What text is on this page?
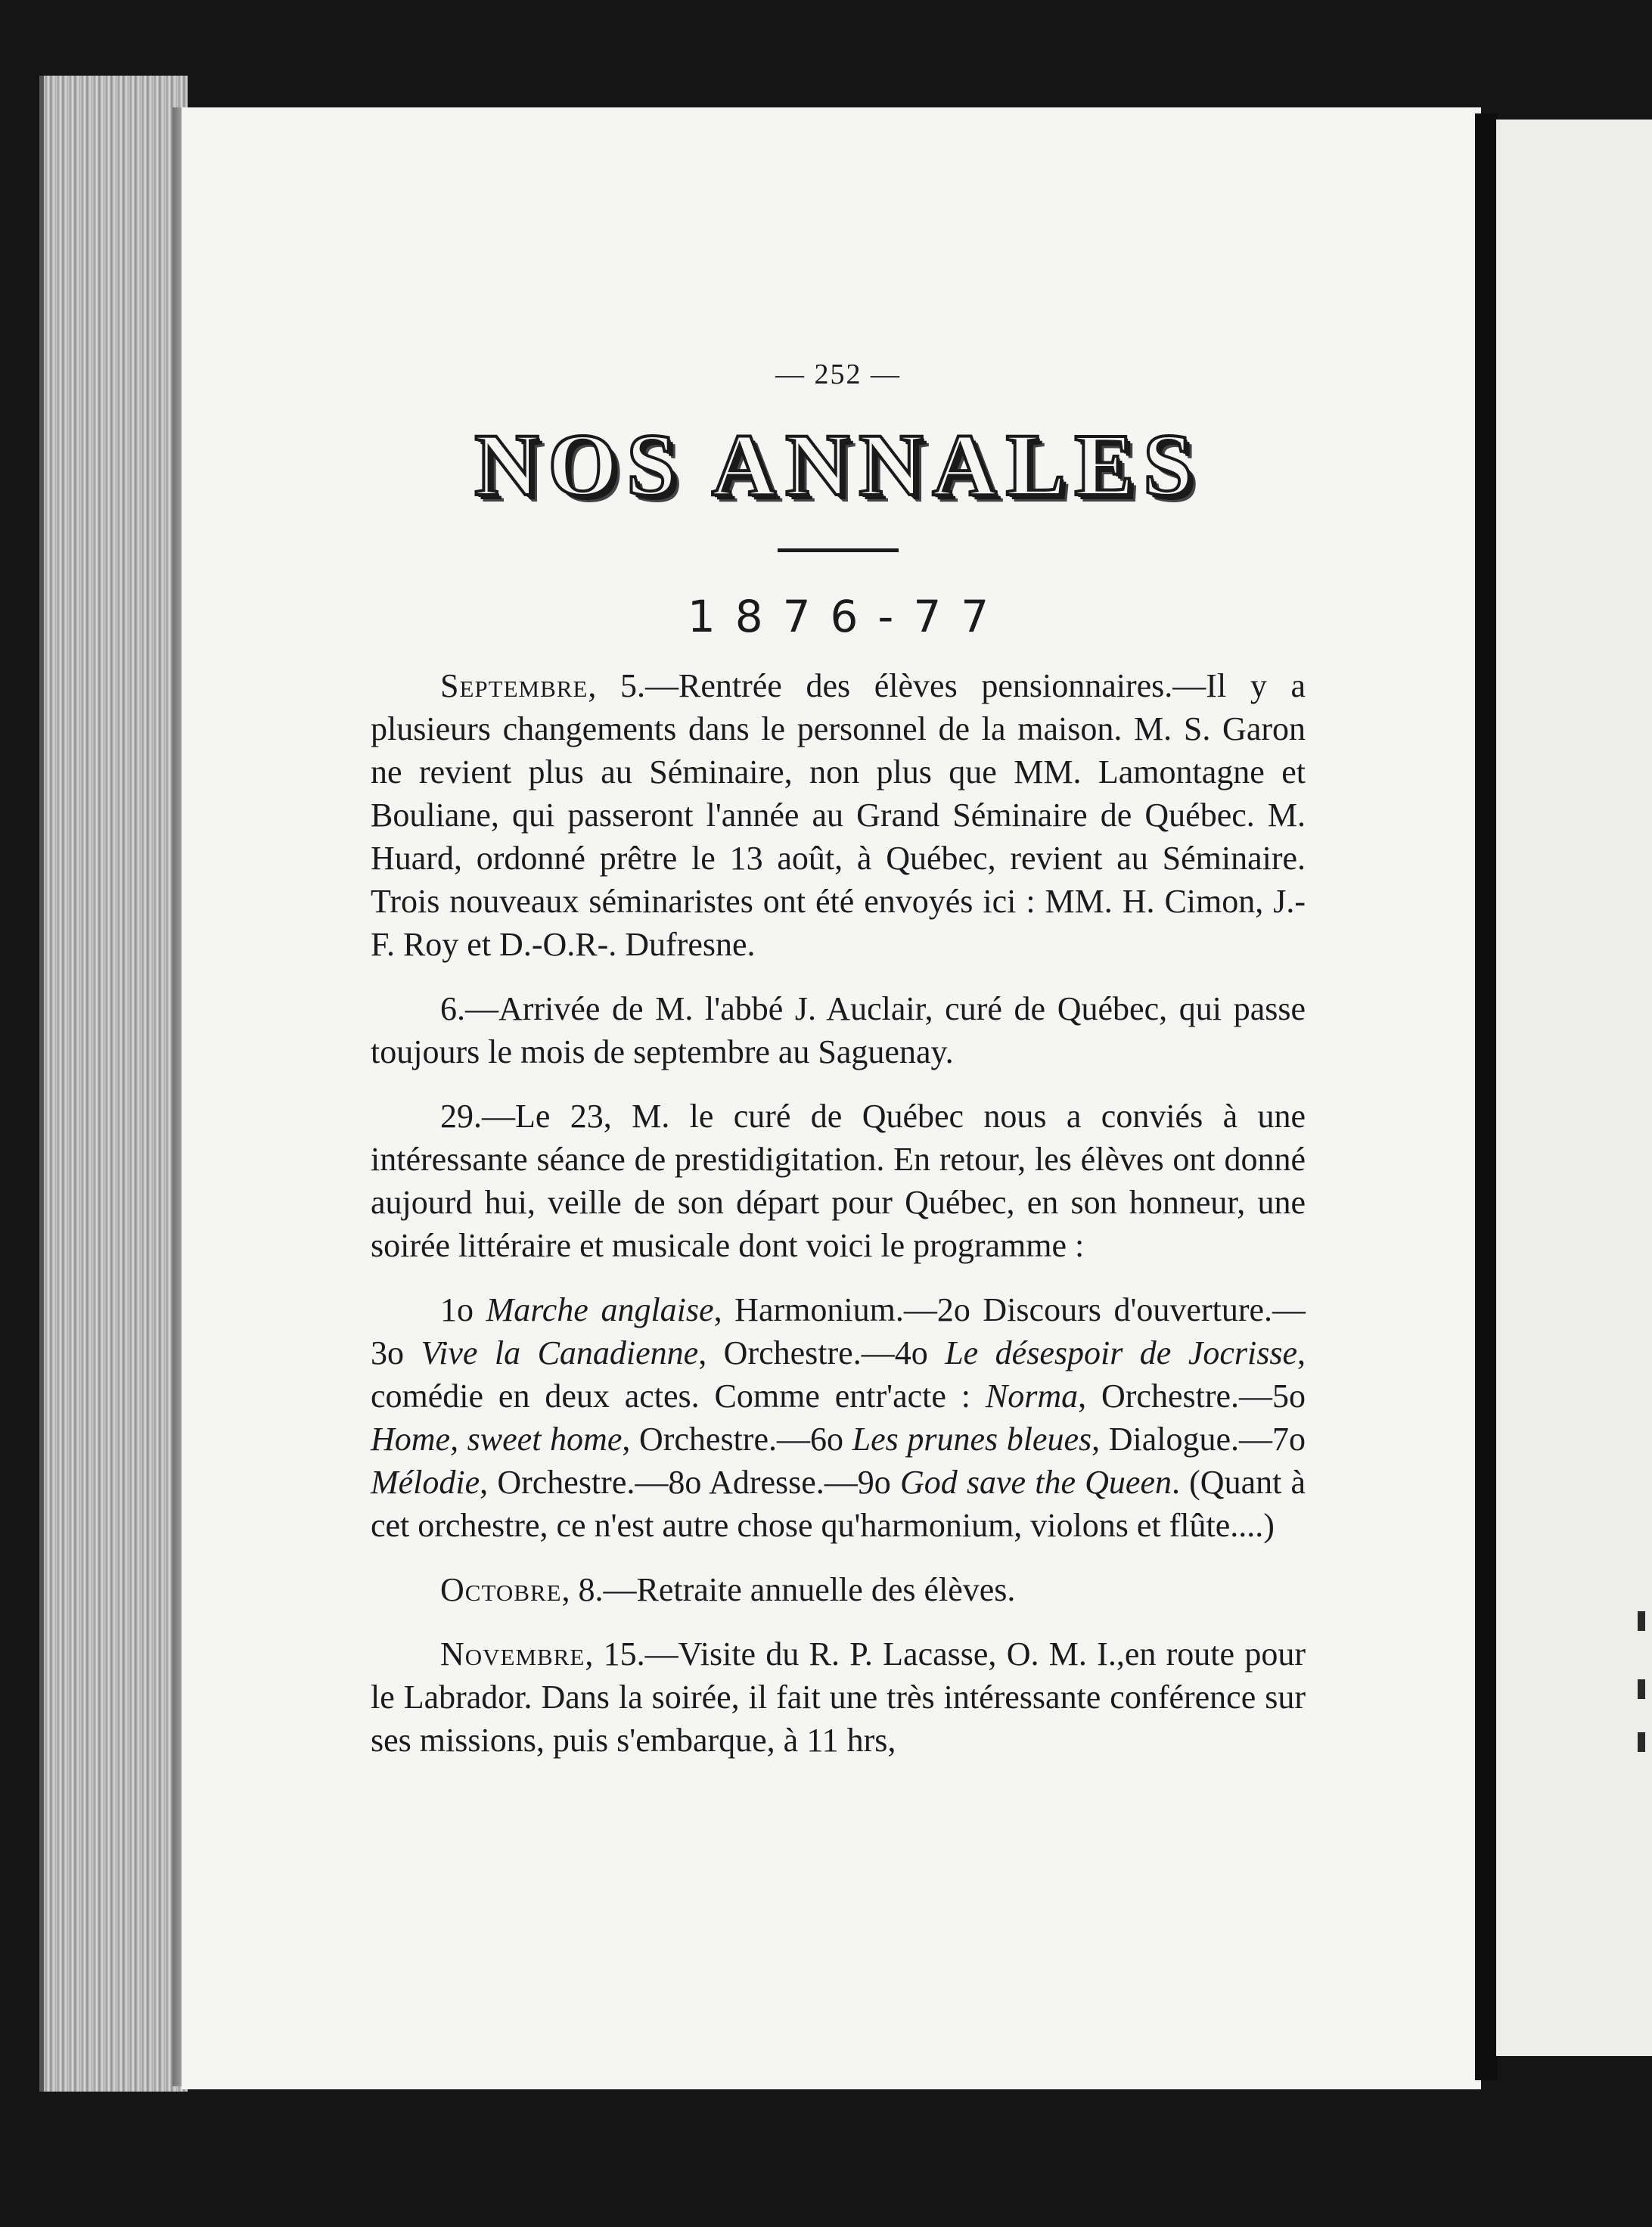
— 252 —
NOS ANNALES
1876-77

Septembre, 5.—Rentrée des élèves pensionnaires.—Il y a plusieurs changements dans le personnel de la maison. M. S. Garon ne revient plus au Séminaire, non plus que MM. Lamontagne et Bouliane, qui passeront l'année au Grand Séminaire de Québec. M. Huard, ordonné prêtre le 13 août, à Québec, revient au Séminaire. Trois nouveaux séminaristes ont été envoyés ici : MM. H. Cimon, J.-F. Roy et D.-O.R-. Dufresne.

6.—Arrivée de M. l'abbé J. Auclair, curé de Québec, qui passe toujours le mois de septembre au Saguenay.

29.—Le 23, M. le curé de Québec nous a conviés à une intéressante séance de prestidigitation. En retour, les élèves ont donné aujourd hui, veille de son départ pour Québec, en son honneur, une soirée littéraire et musicale dont voici le programme :

1o Marche anglaise, Harmonium.—2o Discours d'ouverture.—3o Vive la Canadienne, Orchestre.—4o Le désespoir de Jocrisse, comédie en deux actes. Comme entr'acte : Norma, Orchestre.—5o Home, sweet home, Orchestre.—6o Les prunes bleues, Dialogue.—7o Mélodie, Orchestre.—8o Adresse.—9o God save the Queen. (Quant à cet orchestre, ce n'est autre chose qu'harmonium, violons et flûte....)

Octobre, 8.—Retraite annuelle des élèves.

Novembre, 15.—Visite du R. P. Lacasse, O. M. I.,en route pour le Labrador. Dans la soirée, il fait une très intéressante conférence sur ses missions, puis s'embarque, à 11 hrs,
